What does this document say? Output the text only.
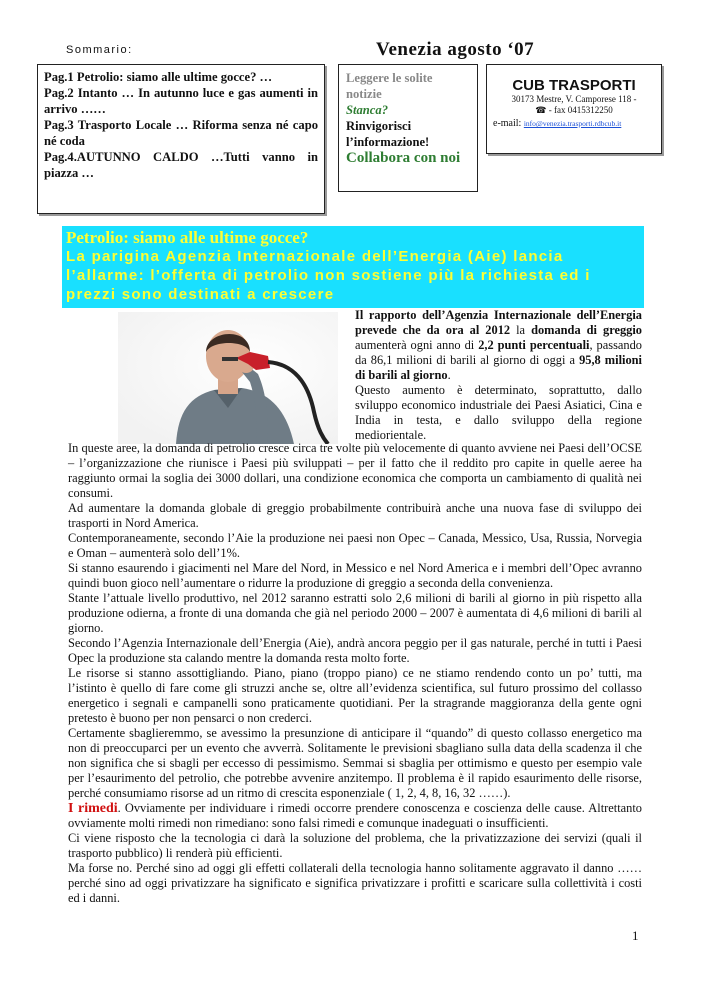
Sommario:	Venezia agosto ‘07

Pag.1 Petrolio: siamo alle ultime gocce? …

Pag.2 Intanto … In autunno luce e gas aumenti in arrivo ……

Pag.3 Trasporto Locale … Riforma senza né capo né coda

Pag.4.AUTUNNO CALDO …Tutti vanno in piazza …

Leggere le solite notizie
Stanca?
Rinvigorisci l’informazione!
Collabora con noi
CUB TRASPORTI
30173 Mestre, V. Camporese 118 -
☎ - fax 0415312250
e-mail: info@venezia.trasporti.rdbcub.it
Petrolio: siamo alle ultime gocce?
La parigina Agenzia Internazionale dell’Energia (Aie) lancia l’allarme: l’offerta di petrolio non sostiene più la richiesta ed i prezzi sono destinati a crescere

Il rapporto dell’Agenzia Internazionale dell’Energia prevede che da ora al 2012 la domanda di greggio aumenterà ogni anno di 2,2 punti percentuali, passando da 86,1 milioni di barili al giorno di oggi a 95,8 milioni di barili al giorno.

Questo aumento è determinato, soprattutto, dallo sviluppo economico industriale dei Paesi Asiatici, Cina e India in testa, e dallo sviluppo della regione mediorientale.

In queste aree, la domanda di petrolio cresce circa tre volte più velocemente di quanto avviene nei Paesi dell’OCSE – l’organizzazione che riunisce i Paesi più sviluppati – per il fatto che il reddito pro capite in quelle aeree ha raggiunto ormai la soglia dei 3000 dollari, una condizione economica che comporta un cambiamento di qualità nei consumi.

Ad aumentare la domanda globale di greggio probabilmente contribuirà anche una nuova fase di sviluppo dei trasporti in Nord America.

Contemporaneamente, secondo l’Aie la produzione nei paesi non Opec – Canada, Messico, Usa, Russia, Norvegia e Oman – aumenterà solo dell’1%.

Si stanno esaurendo i giacimenti nel Mare del Nord, in Messico e nel Nord America e i membri dell’Opec avranno quindi buon gioco nell’aumentare o ridurre la produzione di greggio a seconda della convenienza.

Stante l’attuale livello produttivo, nel 2012 saranno estratti solo 2,6 milioni di barili al giorno in più rispetto alla produzione odierna, a fronte di una domanda che già nel periodo 2000 – 2007 è aumentata di 4,6 milioni di barili al giorno.

Secondo l’Agenzia Internazionale dell’Energia (Aie), andrà ancora peggio per il gas naturale, perché in tutti i Paesi Opec la produzione sta calando mentre la domanda resta molto forte.

Le risorse si stanno assottigliando. Piano, piano (troppo piano) ce ne stiamo rendendo conto un po’ tutti, ma l’istinto è quello di fare come gli struzzi anche se, oltre all’evidenza scientifica, sul futuro prossimo del collasso energetico i segnali e campanelli sono praticamente quotidiani. Per la stragrande maggioranza della gente ogni pretesto è buono per non pensarci o non crederci.

Certamente sbaglieremmo, se avessimo la presunzione di anticipare il “quando” di questo collasso energetico ma non di preoccuparci per un evento che avverrà. Solitamente le previsioni sbagliano sulla data della scadenza il che non significa che si sbagli per eccesso di pessimismo. Semmai si sbaglia per ottimismo e questo per esempio vale per l’esaurimento del petrolio, che potrebbe avvenire anzitempo. Il problema è il rapido esaurimento delle risorse, perché consumiamo risorse ad un ritmo di crescita esponenziale ( 1, 2, 4, 8, 16, 32 ……).

I rimedi. Ovviamente per individuare i rimedi occorre prendere conoscenza e coscienza delle cause. Altrettanto ovviamente molti rimedi non rimediano: sono falsi rimedi e comunque inadeguati o insufficienti.

Ci viene risposto che la tecnologia ci darà la soluzione del problema, che la privatizzazione dei servizi (quali il trasporto pubblico) li renderà più efficienti.

Ma forse no. Perché sino ad oggi gli effetti collaterali della tecnologia hanno solitamente aggravato il danno …… perché sino ad oggi privatizzare ha significato e significa privatizzare i profitti e scaricare sulla collettività i costi ed i danni.

1
